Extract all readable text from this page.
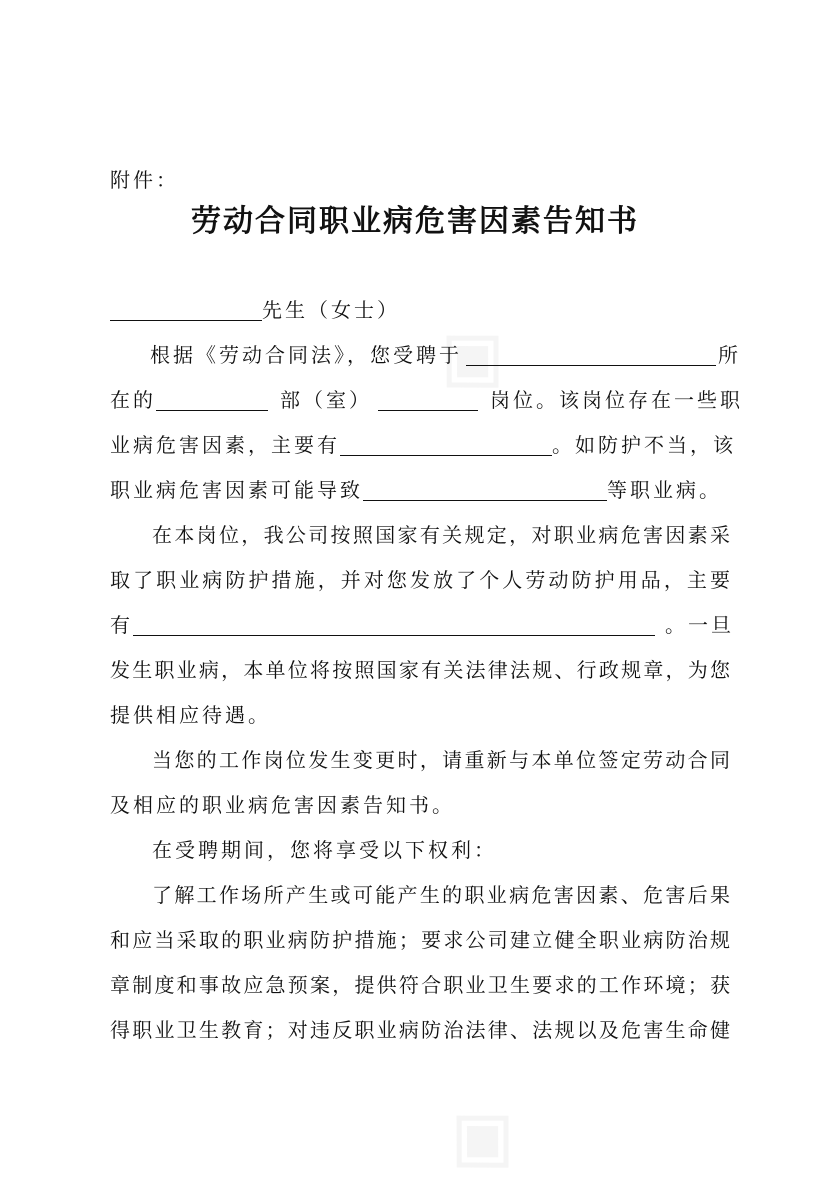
◈
◈
附件：
劳动合同职业病危害因素告知书
先生（女士）
根据《劳动合同法》，您受聘于	所
在的	部（室）	岗位。该岗位存在一些职
业病危害因素，主要有	。如防护不当，该
职业病危害因素可能导致	等职业病。
在本岗位，我公司按照国家有关规定，对职业病危害因素采
取了职业病防护措施，并对您发放了个人劳动防护用品，主要
有	。一旦
发生职业病，本单位将按照国家有关法律法规、行政规章，为您
提供相应待遇。
当您的工作岗位发生变更时，请重新与本单位签定劳动合同
及相应的职业病危害因素告知书。
在受聘期间，您将享受以下权利：
了解工作场所产生或可能产生的职业病危害因素、危害后果
和应当采取的职业病防护措施；要求公司建立健全职业病防治规
章制度和事故应急预案，提供符合职业卫生要求的工作环境；获
得职业卫生教育；对违反职业病防治法律、法规以及危害生命健
